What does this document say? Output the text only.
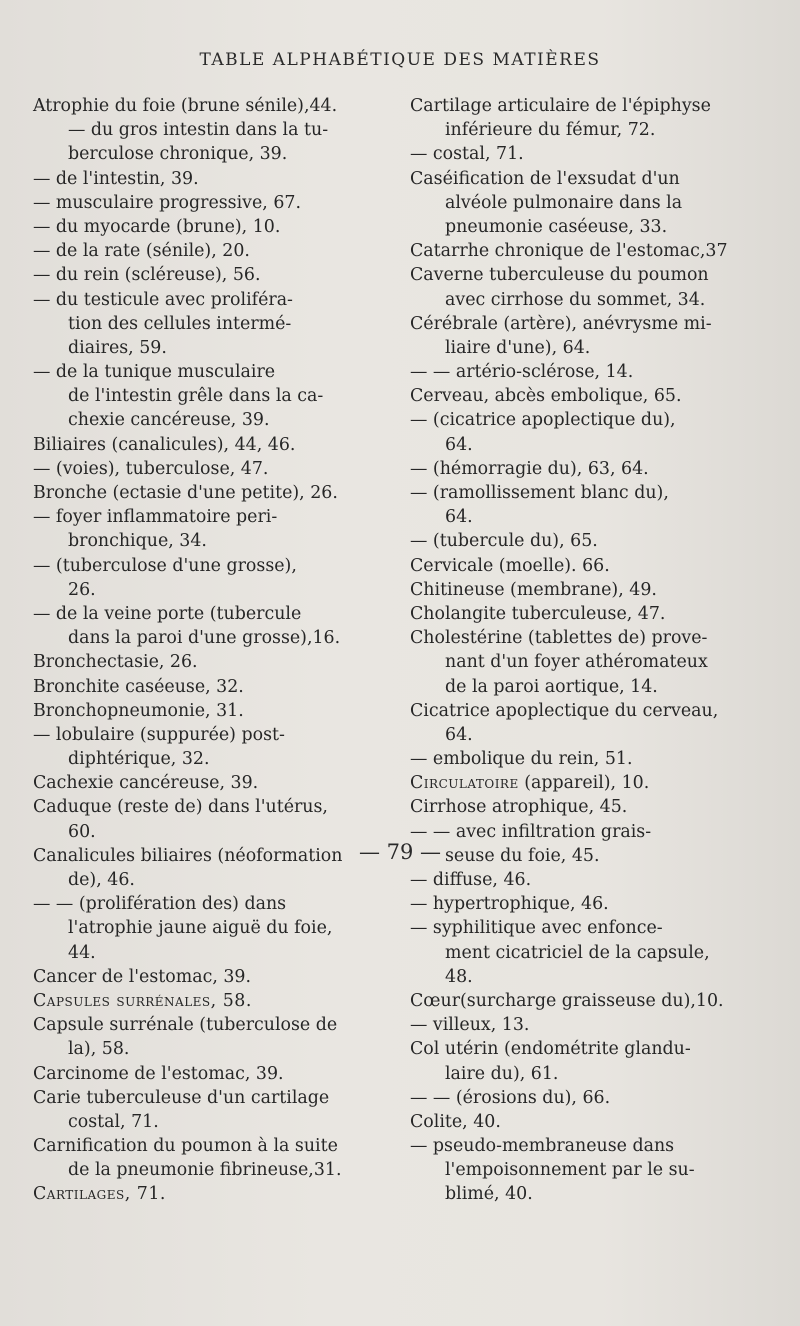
TABLE ALPHABÉTIQUE DES MATIÈRES
Atrophie du foie (brune sénile),44.
— du gros intestin dans la tu-
berculose chronique, 39.
— de l'intestin, 39.
— musculaire progressive, 67.
— du myocarde (brune), 10.
— de la rate (sénile), 20.
— du rein (scléreuse), 56.
— du testicule avec proliféra-
tion des cellules intermé-
diaires, 59.
— de la tunique musculaire
de l'intestin grêle dans la ca-
chexie cancéreuse, 39.
Biliaires (canalicules), 44, 46.
— (voies), tuberculose, 47.
Bronche (ectasie d'une petite), 26.
— foyer inflammatoire peri-
bronchique, 34.
— (tuberculose d'une grosse),
26.
— de la veine porte (tubercule
dans la paroi d'une grosse),16.
Bronchectasie, 26.
Bronchite caséeuse, 32.
Bronchopneumonie, 31.
— lobulaire (suppurée) post-
diphtérique, 32.
Cachexie cancéreuse, 39.
Caduque (reste de) dans l'utérus,
60.
Canalicules biliaires (néoformation
de), 46.
— — (prolifération des) dans
l'atrophie jaune aiguë du foie,
44.
Cancer de l'estomac, 39.
Capsules surrénales, 58.
Capsule surrénale (tuberculose de
la), 58.
Carcinome de l'estomac, 39.
Carie tuberculeuse d'un cartilage
costal, 71.
Carnification du poumon à la suite
de la pneumonie fibrineuse,31.
Cartilages, 71.
Cartilage articulaire de l'épiphyse
inférieure du fémur, 72.
— costal, 71.
Caséification de l'exsudat d'un
alvéole pulmonaire dans la
pneumonie caséeuse, 33.
Catarrhe chronique de l'estomac,37
Caverne tuberculeuse du poumon
avec cirrhose du sommet, 34.
Cérébrale (artère), anévrysme mi-
liaire d'une), 64.
— — artério-sclérose, 14.
Cerveau, abcès embolique, 65.
— (cicatrice apoplectique du),
64.
— (hémorragie du), 63, 64.
— (ramollissement blanc du),
64.
— (tubercule du), 65.
Cervicale (moelle). 66.
Chitineuse (membrane), 49.
Cholangite tuberculeuse, 47.
Cholestérine (tablettes de) prove-
nant d'un foyer athéromateux
de la paroi aortique, 14.
Cicatrice apoplectique du cerveau,
64.
— embolique du rein, 51.
Circulatoire (appareil), 10.
Cirrhose atrophique, 45.
— — avec infiltration grais-
seuse du foie, 45.
— diffuse, 46.
— hypertrophique, 46.
— syphilitique avec enfonce-
ment cicatriciel de la capsule,
48.
Cœur(surcharge graisseuse du),10.
— villeux, 13.
Col utérin (endométrite glandu-
laire du), 61.
— — (érosions du), 66.
Colite, 40.
— pseudo-membraneuse dans
l'empoisonnement par le su-
blimé, 40.
— 79 —
